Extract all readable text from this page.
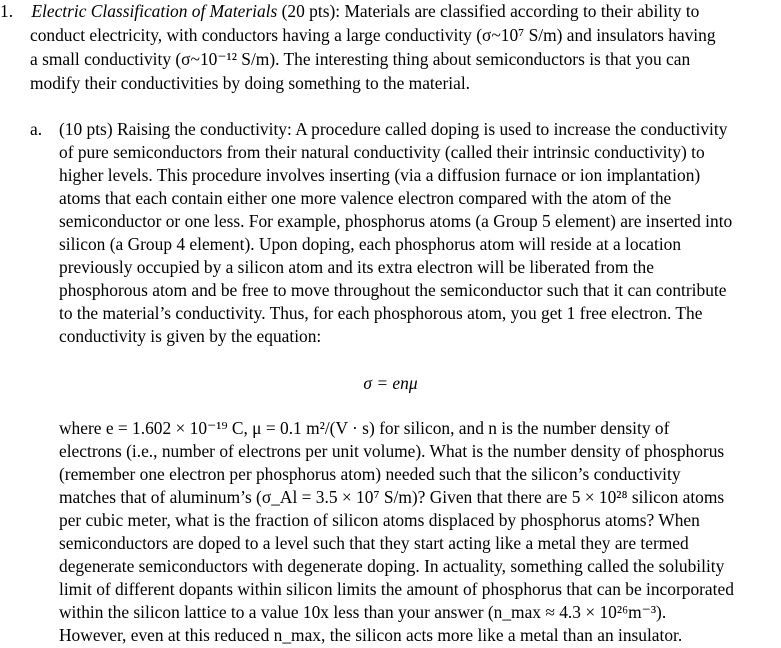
1. Electric Classification of Materials (20 pts): Materials are classified according to their ability to
conduct electricity, with conductors having a large conductivity (σ~10⁷ S/m) and insulators having
a small conductivity (σ~10⁻¹² S/m). The interesting thing about semiconductors is that you can
modify their conductivities by doing something to the material.
a. (10 pts) Raising the conductivity: A procedure called doping is used to increase the conductivity
of pure semiconductors from their natural conductivity (called their intrinsic conductivity) to
higher levels. This procedure involves inserting (via a diffusion furnace or ion implantation)
atoms that each contain either one more valence electron compared with the atom of the
semiconductor or one less. For example, phosphorus atoms (a Group 5 element) are inserted into
silicon (a Group 4 element). Upon doping, each phosphorus atom will reside at a location
previously occupied by a silicon atom and its extra electron will be liberated from the
phosphorous atom and be free to move throughout the semiconductor such that it can contribute
to the material’s conductivity. Thus, for each phosphorous atom, you get 1 free electron. The
conductivity is given by the equation:
σ = enμ
where e = 1.602 × 10⁻¹⁹ C, μ = 0.1 m²/(V · s) for silicon, and n is the number density of
electrons (i.e., number of electrons per unit volume). What is the number density of phosphorus
(remember one electron per phosphorus atom) needed such that the silicon’s conductivity
matches that of aluminum’s (σ_Al = 3.5 × 10⁷ S/m)? Given that there are 5 × 10²⁸ silicon atoms
per cubic meter, what is the fraction of silicon atoms displaced by phosphorus atoms? When
semiconductors are doped to a level such that they start acting like a metal they are termed
degenerate semiconductors with degenerate doping. In actuality, something called the solubility
limit of different dopants within silicon limits the amount of phosphorus that can be incorporated
within the silicon lattice to a value 10x less than your answer (n_max ≈ 4.3 × 10²⁶m⁻³).
However, even at this reduced n_max, the silicon acts more like a metal than an insulator.
